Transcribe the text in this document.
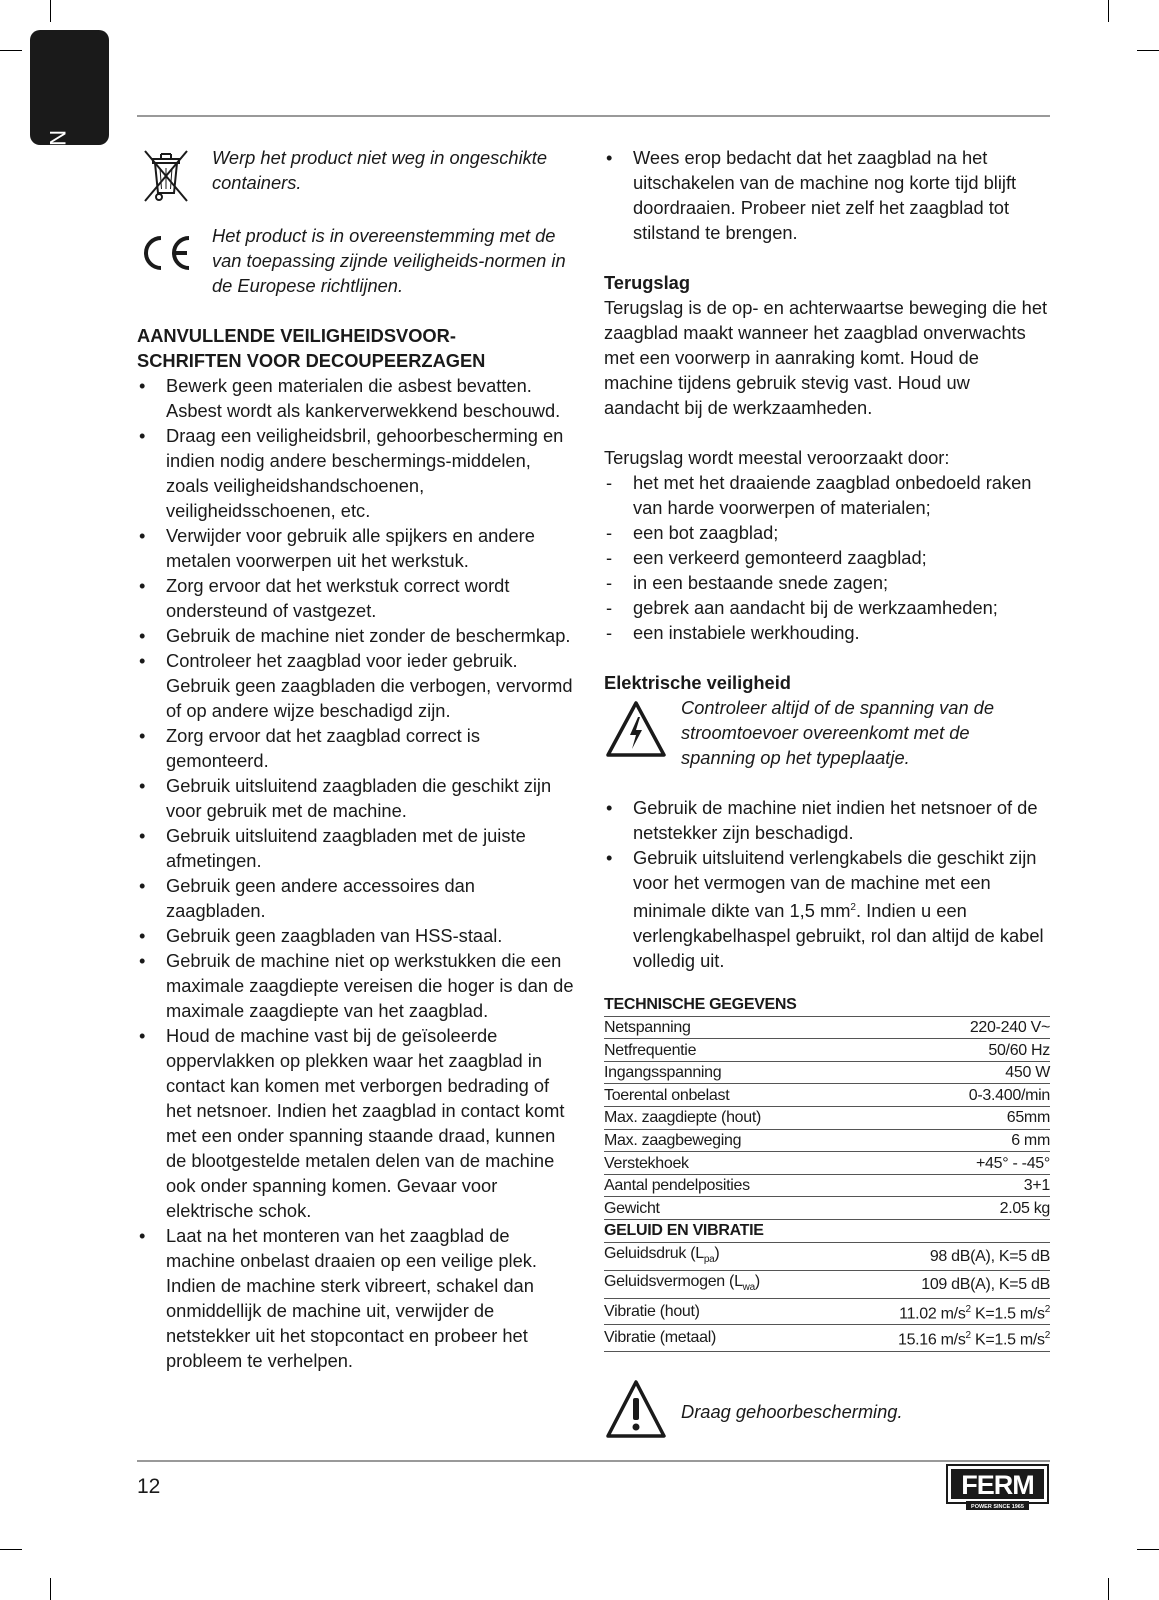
NL	Werp het product niet weg in ongeschikte containers.

Het product is in overeenstemming met de van toepassing zijnde veiligheids-normen in de Europese richtlijnen.

AANVULLENDE VEILIGHEIDSVOOR-

SCHRIFTEN VOOR DECOUPEERZAGEN

• Bewerk geen materialen die asbest bevatten. Asbest wordt als kankerverwekkend beschouwd.
• Draag een veiligheidsbril, gehoorbescherming en indien nodig andere beschermings-middelen, zoals veiligheidshandschoenen, veiligheidsschoenen, etc.
• Verwijder voor gebruik alle spijkers en andere metalen voorwerpen uit het werkstuk.
• Zorg ervoor dat het werkstuk correct wordt ondersteund of vastgezet.
• Gebruik de machine niet zonder de beschermkap.
• Controleer het zaagblad voor ieder gebruik. Gebruik geen zaagbladen die verbogen, vervormd of op andere wijze beschadigd zijn.
• Zorg ervoor dat het zaagblad correct is gemonteerd.
• Gebruik uitsluitend zaagbladen die geschikt zijn voor gebruik met de machine.
• Gebruik uitsluitend zaagbladen met de juiste afmetingen.
• Gebruik geen andere accessoires dan zaagbladen.
• Gebruik geen zaagbladen van HSS-staal.
• Gebruik de machine niet op werkstukken die een maximale zaagdiepte vereisen die hoger is dan de maximale zaagdiepte van het zaagblad.
• Houd de machine vast bij de geïsoleerde oppervlakken op plekken waar het zaagblad in contact kan komen met verborgen bedrading of het netsnoer. Indien het zaagblad in contact komt met een onder spanning staande draad, kunnen de blootgestelde metalen delen van de machine ook onder spanning komen. Gevaar voor elektrische schok.
• Laat na het monteren van het zaagblad de machine onbelast draaien op een veilige plek. Indien de machine sterk vibreert, schakel dan onmiddellijk de machine uit, verwijder de netstekker uit het stopcontact en probeer het probleem te verhelpen.
• Wees erop bedacht dat het zaagblad na het uitschakelen van de machine nog korte tijd blijft doordraaien. Probeer niet zelf het zaagblad tot stilstand te brengen.

Terugslag

Terugslag is de op- en achterwaartse beweging die het zaagblad maakt wanneer het zaagblad onverwachts met een voorwerp in aanraking komt. Houd de machine tijdens gebruik stevig vast. Houd uw aandacht bij de werkzaamheden.

Terugslag wordt meestal veroorzaakt door:

- het met het draaiende zaagblad onbedoeld raken van harde voorwerpen of materialen;
- een bot zaagblad;
- een verkeerd gemonteerd zaagblad;
- in een bestaande snede zagen;
- gebrek aan aandacht bij de werkzaamheden;
- een instabiele werkhouding.

Elektrische veiligheid

Controleer altijd of de spanning van de stroomtoevoer overeenkomt met de spanning op het typeplaatje.

• Gebruik de machine niet indien het netsnoer of de netstekker zijn beschadigd.
• Gebruik uitsluitend verlengkabels die geschikt zijn voor het vermogen van de machine met een minimale dikte van 1,5 $mm^2$. Indien u een verlengkabelhaspel gebruikt, rol dan altijd de kabel volledig uit.
TECHNISCHE GEGEVENS	
Netspanning	220-240 V~
Netfrequentie	50/60 Hz
Ingangsspanning	450 W
Toerental onbelast	0-3.400/min
Max. zaagdiepte (hout)	65mm
Max. zaagbeweging	6 mm
Verstekhoek	+45° - -45°
Aantal pendelposities	3+1
Gewicht	2.05 kg
GELUID EN VIBRATIE	
Geluidsdruk $(L_{pa})$	98 dB(A), K=5 dB
Geluidsvermogen $(L_{wa})$	109 dB(A), K=5 dB
Vibratie (hout)	11.02 $m/s^2$ K=1.5 $m/s^2$
Vibratie (metaal)	15.16 $m/s^2$ K=1.5 $m/s^2$

Draag gehoorbescherming.

12	FERM
POWER SINCE 1965
